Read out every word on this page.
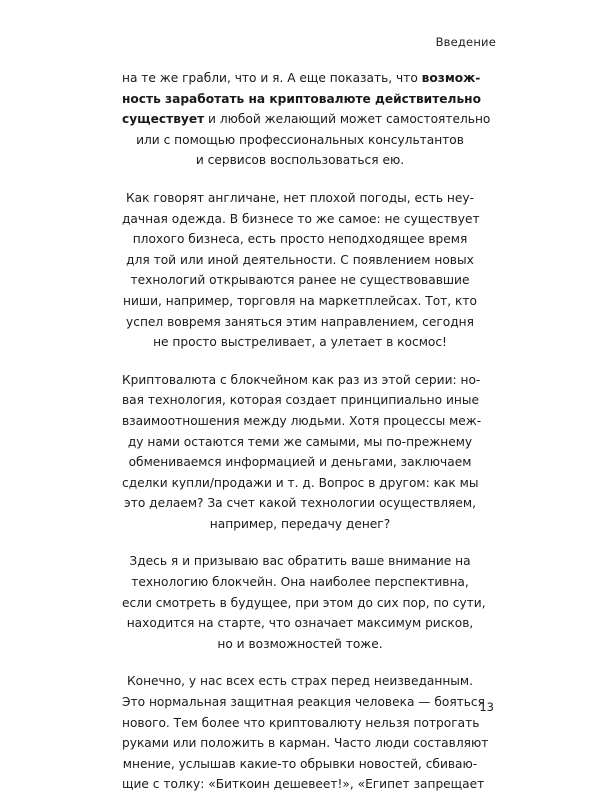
Введение

на те же грабли, что и я. А еще показать, что возмож-
ность заработать на криптовалюте действительно
существует и любой желающий может самостоятельно
или с помощью профессиональных консультантов
и сервисов воспользоваться ею.

Как говорят англичане, нет плохой погоды, есть неу-
дачная одежда. В бизнесе то же самое: не существует
плохого бизнеса, есть просто неподходящее время
для той или иной деятельности. С появлением новых
технологий открываются ранее не существовавшие
ниши, например, торговля на маркетплейсах. Тот, кто
успел вовремя заняться этим направлением, сегодня
не просто выстреливает, а улетает в космос!

Криптовалюта с блокчейном как раз из этой серии: но-
вая технология, которая создает принципиально иные
взаимоотношения между людьми. Хотя процессы меж-
ду нами остаются теми же самыми, мы по-прежнему
обмениваемся информацией и деньгами, заключаем
сделки купли/продажи и т. д. Вопрос в другом: как мы
это делаем? За счет какой технологии осуществляем,
например, передачу денег?

Здесь я и призываю вас обратить ваше внимание на
технологию блокчейн. Она наиболее перспективна,
если смотреть в будущее, при этом до сих пор, по сути,
находится на старте, что означает максимум рисков,
но и возможностей тоже.

Конечно, у нас всех есть страх перед неизведанным.
Это нормальная защитная реакция человека — бояться
нового. Тем более что криптовалюту нельзя потрогать
руками или положить в карман. Часто люди составляют
мнение, услышав какие-то обрывки новостей, сбиваю-
щие с толку: «Биткоин дешевеет!», «Египет запрещает

13
